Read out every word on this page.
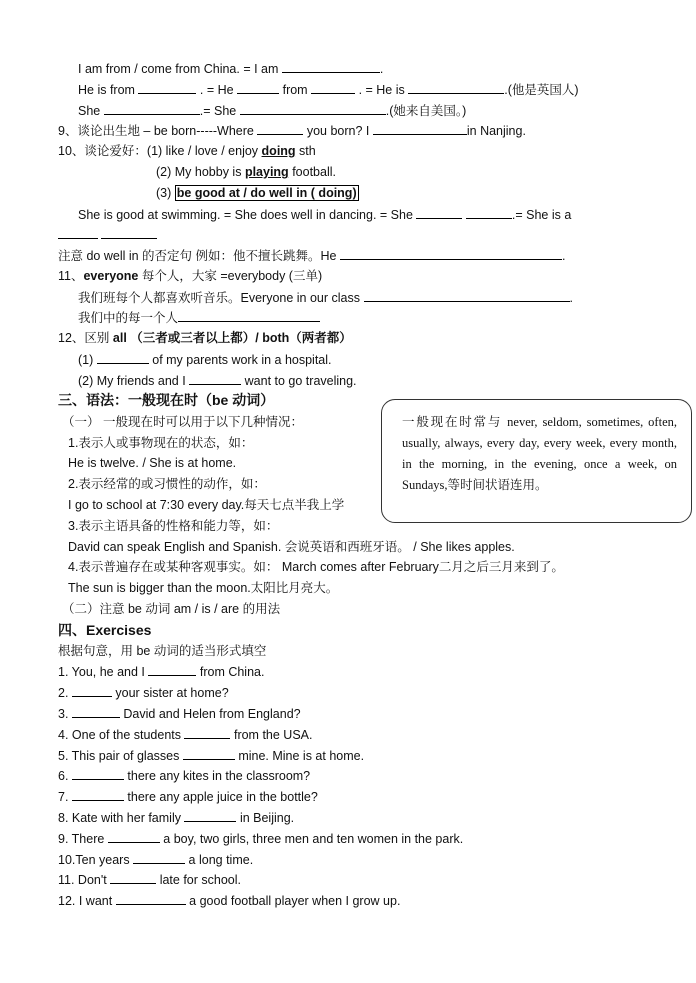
I am from / come from China. = I am	.
He is from	. = He	from	. = He is	.(他是英国人)
She	.= She	.(她来自美国。)
9、谈论出生地 – be born-----Where	you born? I	in Nanjing.
10、谈论爱好：(1) like / love / enjoy doing sth
(2) My hobby is playing football.
(3) be good at / do well in ( doing)
She is good at swimming. = She does well in dancing. = She	.= She is a

注意 do well in 的否定句 例如：他不擅长跳舞。He	.
11、everyone 每个人，大家 =everybody (三单)
我们班每个人都喜欢听音乐。Everyone in our class	.
我们中的每一个人
12、区别 all （三者或三者以上都）/ both（两者都）
(1)	of my parents work in a hospital.
(2) My friends and I	want to go traveling.
三、语法：一般现在时（be 动词）
（一） 一般现在时可以用于以下几种情况：
1.表示人或事物现在的状态，如：
He is twelve. / She is at home.
2.表示经常的或习惯性的动作，如：
I go to school at 7:30 every day.每天七点半我上学
3.表示主语具备的性格和能力等，如：
David can speak English and Spanish. 会说英语和西班牙语。 / She likes apples.
4.表示普遍存在或某种客观事实。如： March comes after February二月之后三月来到了。
The sun is bigger than the moon.太阳比月亮大。
（二）注意 be 动词 am / is / are 的用法
一般现在时常与 never, seldom, sometimes, often, usually, always, every day, every week, every month, in the morning, in the evening, once a week, on Sundays,等时间状语连用。
四、Exercises
根据句意，用 be 动词的适当形式填空
1. You, he and I	from China.
2.	your sister at home?
3.	David and Helen from England?
4. One of the students	from the USA.
5. This pair of glasses	mine. Mine is at home.
6.	there any kites in the classroom?
7.	there any apple juice in the bottle?
8. Kate with her family	in Beijing.
9. There	a boy, two girls, three men and ten women in the park.
10.Ten years	a long time.
11. Don't	late for school.
12. I want	a good football player when I grow up.
